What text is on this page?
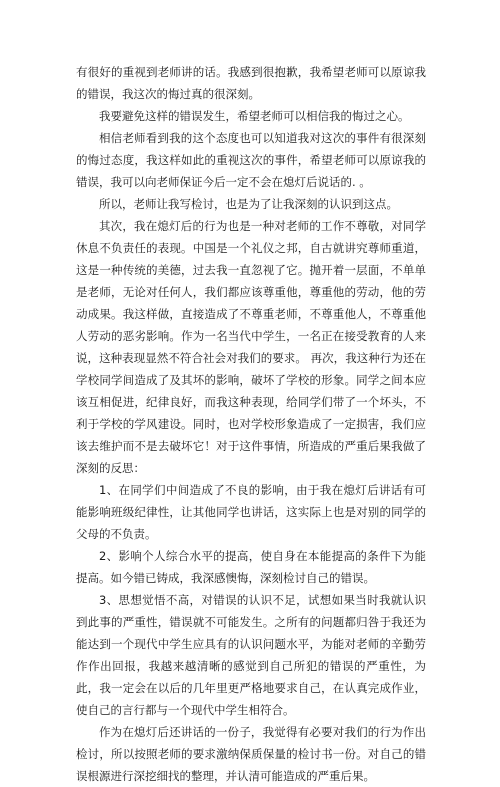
有很好的重视到老师讲的话。我感到很抱歉，我希望老师可以原谅我的错误，我这次的悔过真的很深刻。

我要避免这样的错误发生，希望老师可以相信我的悔过之心。

相信老师看到我的这个态度也可以知道我对这次的事件有很深刻的悔过态度，我这样如此的重视这次的事件，希望老师可以原谅我的错误，我可以向老师保证今后一定不会在熄灯后说话的. 。

所以，老师让我写检讨，也是为了让我深刻的认识到这点。

其次，我在熄灯后的行为也是一种对老师的工作不尊敬，对同学休息不负责任的表现。中国是一个礼仪之邦，自古就讲究尊师重道，这是一种传统的美德，过去我一直忽视了它。抛开着一层面，不单单是老师，无论对任何人，我们都应该尊重他，尊重他的劳动，他的劳动成果。我这样做，直接造成了不尊重老师，不尊重他人，不尊重他人劳动的恶劣影响。作为一名当代中学生，一名正在接受教育的人来说，这种表现显然不符合社会对我们的要求。 再次，我这种行为还在学校同学间造成了及其坏的影响，破坏了学校的形象。同学之间本应该互相促进，纪律良好，而我这种表现，给同学们带了一个坏头，不利于学校的学风建设。同时，也对学校形象造成了一定损害，我们应该去维护而不是去破坏它！对于这件事情，所造成的严重后果我做了深刻的反思：

1、在同学们中间造成了不良的影响，由于我在熄灯后讲话有可能影响班级纪律性，让其他同学也讲话，这实际上也是对别的同学的父母的不负责。

2、影响个人综合水平的提高，使自身在本能提高的条件下为能提高。如今错已铸成，我深感懊悔，深刻检讨自己的错误。

3、思想觉悟不高，对错误的认识不足，试想如果当时我就认识到此事的严重性，错误就不可能发生。之所有的问题都归咎于我还为能达到一个现代中学生应具有的认识问题水平，为能对老师的辛勤劳作作出回报，我越来越清晰的感觉到自己所犯的错误的严重性，为此，我一定会在以后的几年里更严格地要求自己，在认真完成作业，使自己的言行都与一个现代中学生相符合。

作为在熄灯后还讲话的一份子，我觉得有必要对我们的行为作出检讨，所以按照老师的要求激纳保质保量的检讨书一份。对自己的错误根源进行深挖细找的整理，并认清可能造成的严重后果。
